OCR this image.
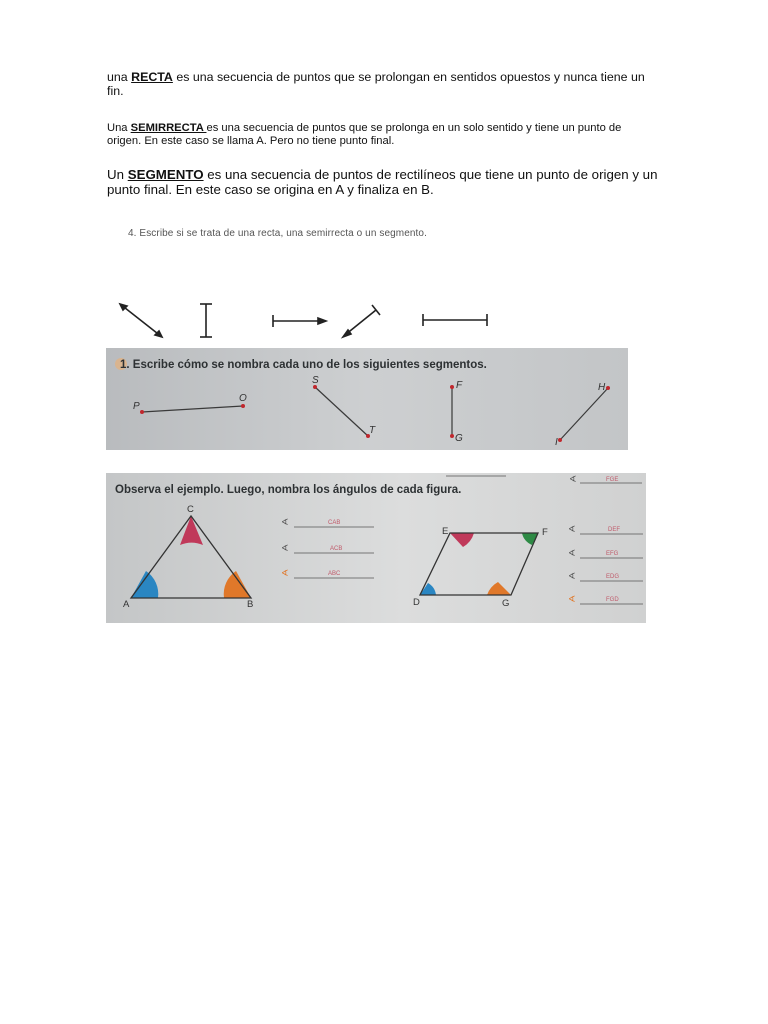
una RECTA es una secuencia de puntos que se prolongan en sentidos opuestos y nunca tiene un fin.

Una SEMIRRECTA es una secuencia de puntos que se prolonga en un solo sentido y tiene un punto de origen. En este caso se llama A. Pero no tiene punto final.

Un SEGMENTO es una secuencia de puntos de rectilíneos que tiene un punto de origen y un punto final. En este caso se origina en A y finaliza en B.

4. Escribe si se trata de una recta, una semirrecta o un segmento.
1. Escribe cómo se nombra cada uno de los siguientes segmentos.
P
O
S
T
F
G
H
I
Observa el ejemplo. Luego, nombra los ángulos de cada figura.
∢	FGE
C
A	B
∢	CAB
∢	ACB
∢	ABC
E	F
D	G
∢	DEF
∢	EFG
∢	EDG
∢	FGD
